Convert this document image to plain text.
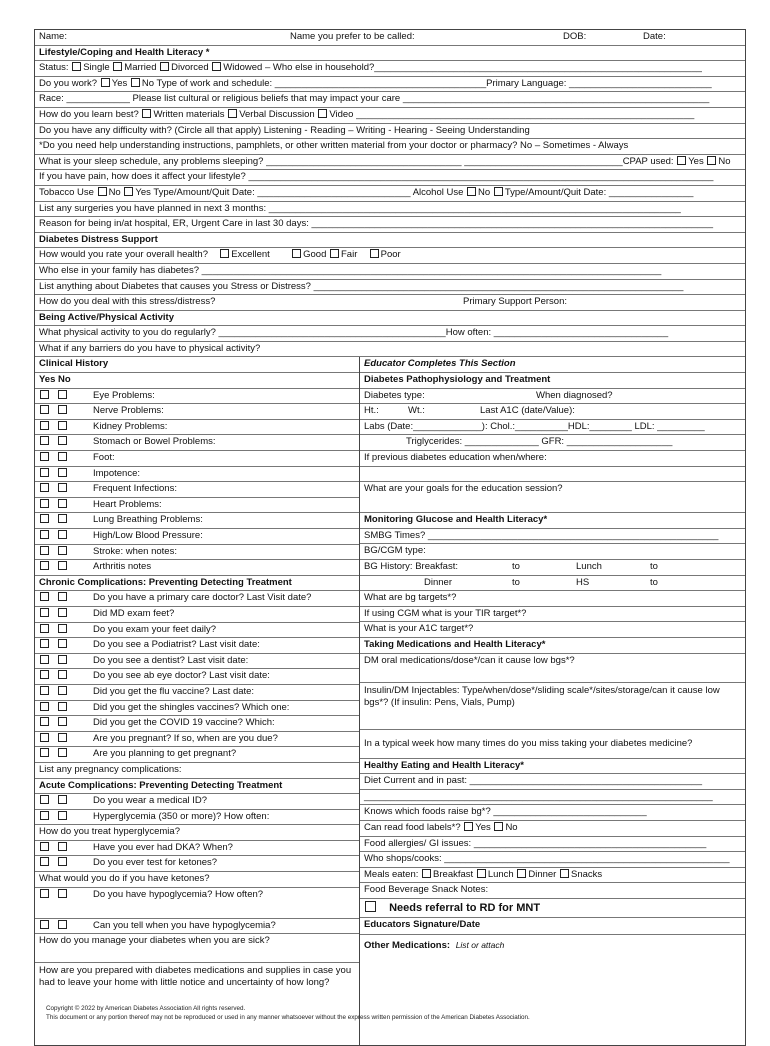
Name:	Name you prefer to be called:	DOB:	Date:
Lifestyle/Coping and Health Literacy *
Status: Single Married Divorced Widowed – Who else in household?______________________________________________________________
Do you work? Yes No Type of work and schedule: ________________________________________Primary Language: ___________________________
Race: ____________ Please list cultural or religious beliefs that may impact your care __________________________________________________________
How do you learn best? Written materials Verbal Discussion Video ________________________________________________________________
Do you have any difficulty with? (Circle all that apply) Listening - Reading – Writing - Hearing - Seeing Understanding
*Do you need help understanding instructions, pamphlets, or other written material from your doctor or pharmacy? No – Sometimes - Always
What is your sleep schedule, any problems sleeping? _____________________________________ ______________________________CPAP used: Yes No
If you have pain, how does it affect your lifestyle? ________________________________________________________________________________________
Tobacco Use No Yes Type/Amount/Quit Date: _____________________________ Alcohol Use No Type/Amount/Quit Date: ________________
List any surgeries you have planned in next 3 months: ______________________________________________________________________________
Reason for being in/at hospital, ER, Urgent Care in last 30 days: ____________________________________________________________________________
Diabetes Distress Support
How would you rate your overall health? Excellent	Good Fair Poor
Who else in your family has diabetes? _______________________________________________________________________________________
List anything about Diabetes that causes you Stress or Distress? ______________________________________________________________________
How do you deal with this stress/distress?	Primary Support Person:
Being Active/Physical Activity
What physical activity to you do regularly? ___________________________________________How often: _________________________________
What if any barriers do you have to physical activity?
Clinical History
Yes No
Eye Problems:
Nerve Problems:
Kidney Problems:
Stomach or Bowel Problems:
Foot:
Impotence:
Frequent Infections:
Heart Problems:
Lung Breathing Problems:
High/Low Blood Pressure:
Stroke: when notes:
Arthritis notes
Chronic Complications: Preventing Detecting Treatment
Do you have a primary care doctor? Last Visit date?
Did MD exam feet?
Do you exam your feet daily?
Do you see a Podiatrist? Last visit date:
Do you see a dentist? Last visit date:
Do you see ab eye doctor? Last visit date:
Did you get the flu vaccine? Last date:
Did you get the shingles vaccines? Which one:
Did you get the COVID 19 vaccine? Which:
Are you pregnant? If so, when are you due?
Are you planning to get pregnant?
List any pregnancy complications:
Acute Complications: Preventing Detecting Treatment
Do you wear a medical ID?
Hyperglycemia (350 or more)? How often:
How do you treat hyperglycemia?
Have you ever had DKA? When?
Do you ever test for ketones?
What would you do if you have ketones?
Do you have hypoglycemia? How often?
Can you tell when you have hypoglycemia?
How do you manage your diabetes when you are sick?
How are you prepared with diabetes medications and supplies in case you had to leave your home with little notice and uncertainty of how long?
Educator Completes This Section
Diabetes Pathophysiology and Treatment
Diabetes type:	When diagnosed?
Ht.:	Wt.:	Last A1C (date/Value):
Labs (Date:_____________): Chol.:__________HDL:________ LDL: _________
Triglycerides: ______________ GFR: ____________________
If previous diabetes education when/where:
What are your goals for the education session?
Monitoring Glucose and Health Literacy*
SMBG Times? _______________________________________________________
BG/CGM type:
BG History: Breakfast:	to	Lunch	to
Dinner	to	HS	to
What are bg targets*?
If using CGM what is your TIR target*?
What is your A1C target*?
Taking Medications and Health Literacy*
DM oral medications/dose*/can it cause low bgs*?
Insulin/DM Injectables: Type/when/dose*/sliding scale*/sites/storage/can it cause low bgs*? (If insulin: Pens, Vials, Pump)
In a typical week how many times do you miss taking your diabetes medicine?
Healthy Eating and Health Literacy*
Diet Current and in past: ____________________________________________
__________________________________________________________________
Knows which foods raise bg*? _____________________________
Can read food labels*? Yes No
Food allergies/ GI issues: ____________________________________________
Who shops/cooks: ______________________________________________________
Meals eaten: Breakfast Lunch Dinner Snacks
Food Beverage Snack Notes:
Needs referral to RD for MNT
Educators Signature/Date
Other Medications: List or attach
Copyright © 2022 by American Diabetes Association All rights reserved.
This document or any portion thereof may not be reproduced or used in any manner whatsoever without the express written permission of the American Diabetes Association.
